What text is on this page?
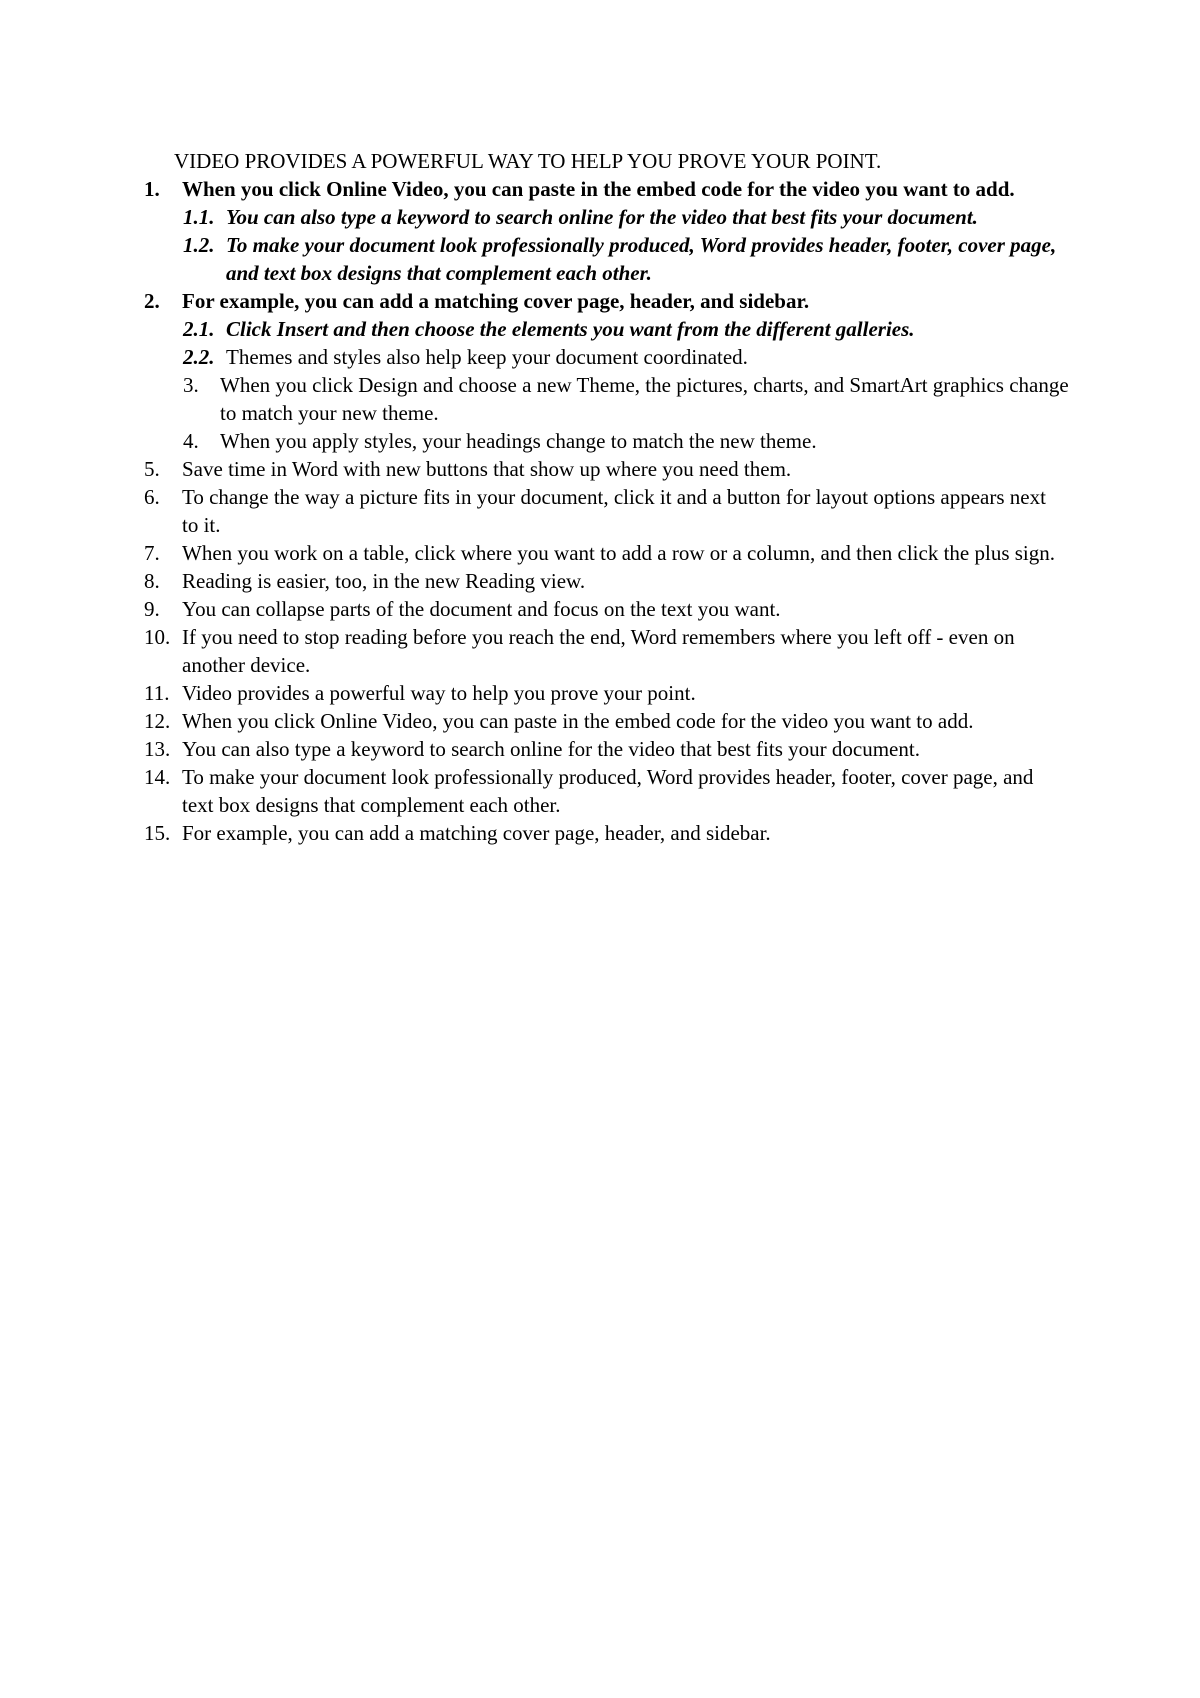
VIDEO PROVIDES A POWERFUL WAY TO HELP YOU PROVE YOUR POINT.
1. When you click Online Video, you can paste in the embed code for the video you want to add.
1.1. You can also type a keyword to search online for the video that best fits your document.
1.2. To make your document look professionally produced, Word provides header, footer, cover page, and text box designs that complement each other.
2. For example, you can add a matching cover page, header, and sidebar.
2.1. Click Insert and then choose the elements you want from the different galleries.
2.2. Themes and styles also help keep your document coordinated.
3. When you click Design and choose a new Theme, the pictures, charts, and SmartArt graphics change to match your new theme.
4. When you apply styles, your headings change to match the new theme.
5. Save time in Word with new buttons that show up where you need them.
6. To change the way a picture fits in your document, click it and a button for layout options appears next to it.
7. When you work on a table, click where you want to add a row or a column, and then click the plus sign.
8. Reading is easier, too, in the new Reading view.
9. You can collapse parts of the document and focus on the text you want.
10. If you need to stop reading before you reach the end, Word remembers where you left off - even on another device.
11. Video provides a powerful way to help you prove your point.
12. When you click Online Video, you can paste in the embed code for the video you want to add.
13. You can also type a keyword to search online for the video that best fits your document.
14. To make your document look professionally produced, Word provides header, footer, cover page, and text box designs that complement each other.
15. For example, you can add a matching cover page, header, and sidebar.
